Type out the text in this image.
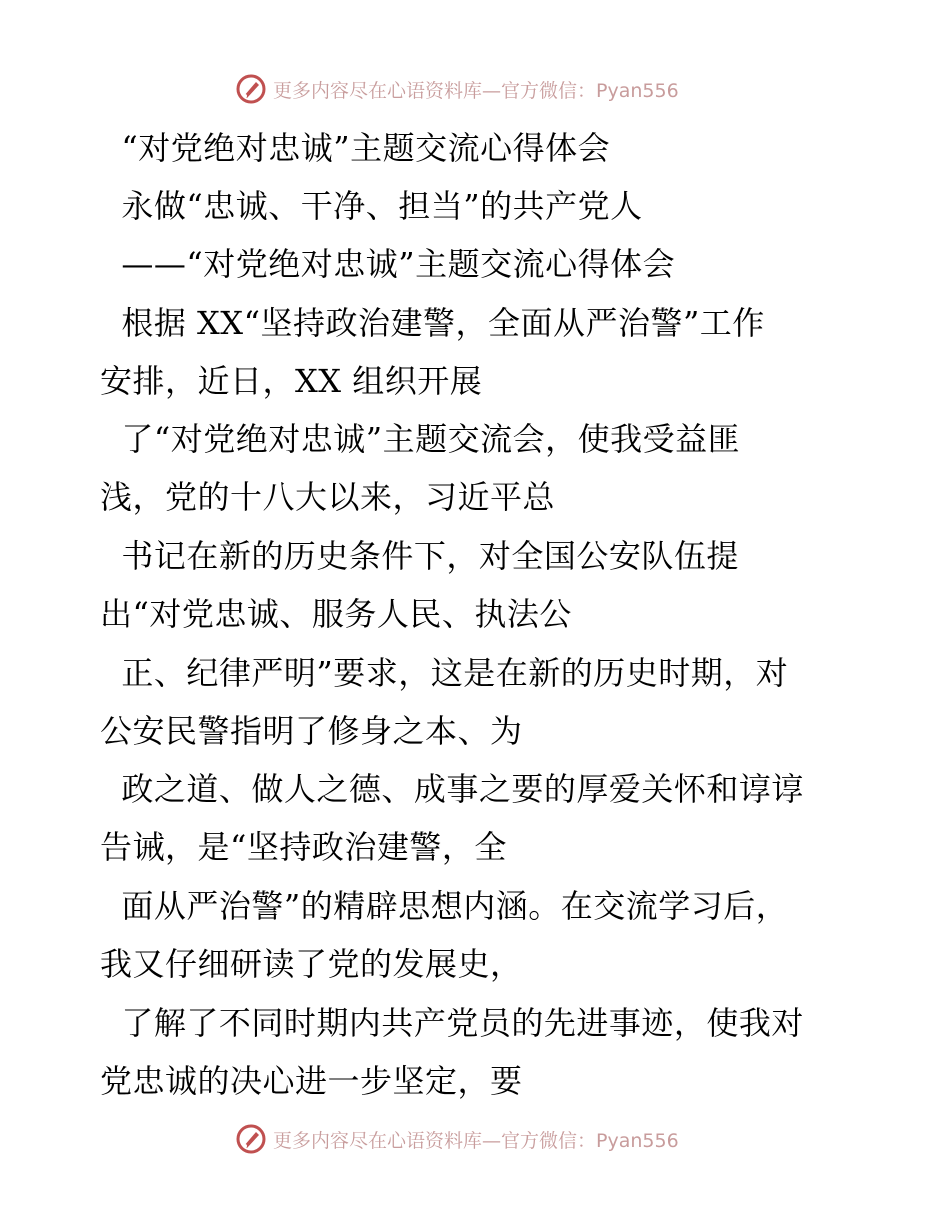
更多内容尽在心语资料库—官方微信：Pyan556
“对党绝对忠诚”主题交流心得体会
永做“忠诚、干净、担当”的共产党人
——“对党绝对忠诚”主题交流心得体会
根据 XX“坚持政治建警，全面从严治警”工作
安排，近日，XX 组织开展
了“对党绝对忠诚”主题交流会，使我受益匪
浅，党的十八大以来，习近平总
书记在新的历史条件下，对全国公安队伍提
出“对党忠诚、服务人民、执法公
正、纪律严明”要求，这是在新的历史时期，对
公安民警指明了修身之本、为
政之道、做人之德、成事之要的厚爱关怀和谆谆
告诫，是“坚持政治建警，全
面从严治警”的精辟思想内涵。在交流学习后，
我又仔细研读了党的发展史，
了解了不同时期内共产党员的先进事迹，使我对
党忠诚的决心进一步坚定，要
更多内容尽在心语资料库—官方微信：Pyan556
